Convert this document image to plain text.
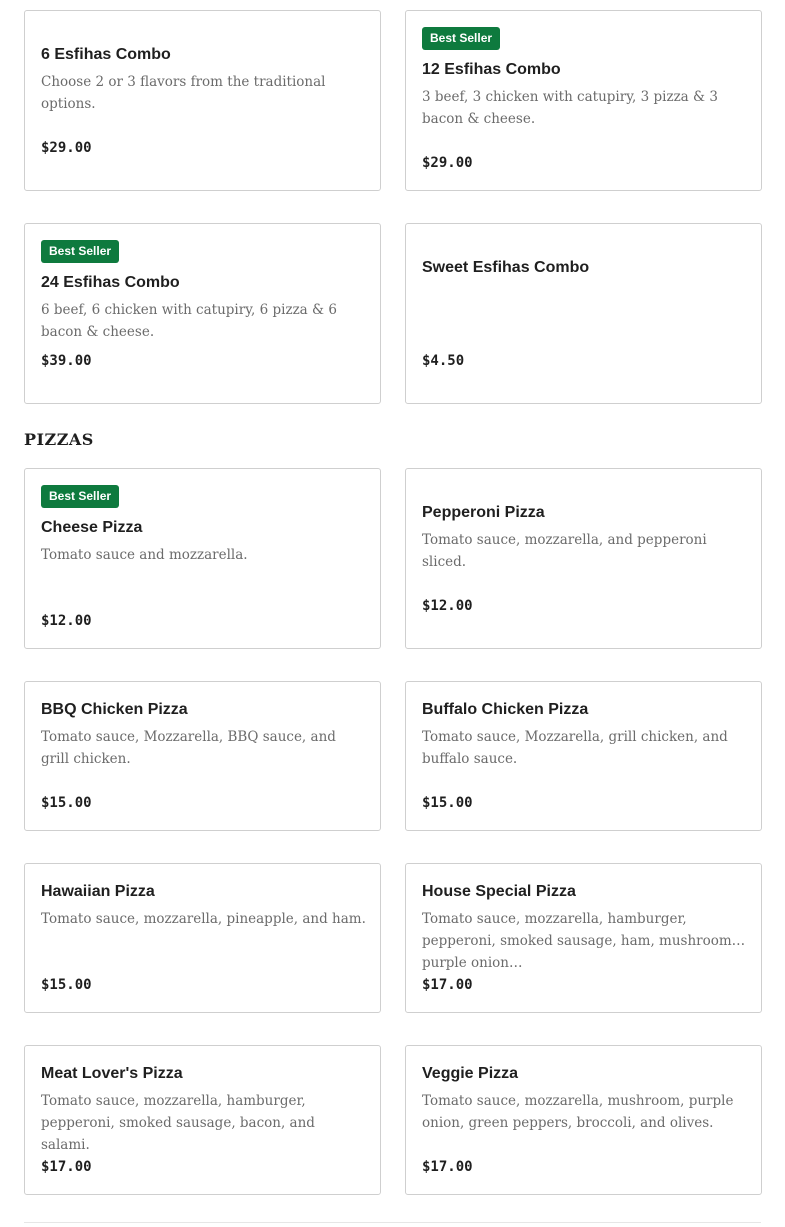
6 Esfihas Combo
Choose 2 or 3 flavors from the traditional options.
$29.00
Best Seller
12 Esfihas Combo
3 beef, 3 chicken with catupiry, 3 pizza & 3 bacon & cheese.
$29.00
Best Seller
24 Esfihas Combo
6 beef, 6 chicken with catupiry, 6 pizza & 6 bacon & cheese.
$39.00
Sweet Esfihas Combo
$4.50
PIZZAS
Best Seller
Cheese Pizza
Tomato sauce and mozzarella.
$12.00
Pepperoni Pizza
Tomato sauce, mozzarella, and pepperoni sliced.
$12.00
BBQ Chicken Pizza
Tomato sauce, Mozzarella, BBQ sauce, and grill chicken.
$15.00
Buffalo Chicken Pizza
Tomato sauce, Mozzarella, grill chicken, and buffalo sauce.
$15.00
Hawaiian Pizza
Tomato sauce, mozzarella, pineapple, and ham.
$15.00
House Special Pizza
Tomato sauce, mozzarella, hamburger, pepperoni, smoked sausage, ham, mushroom, purple onion…
$17.00
Meat Lover's Pizza
Tomato sauce, mozzarella, hamburger, pepperoni, smoked sausage, bacon, and salami.
$17.00
Veggie Pizza
Tomato sauce, mozzarella, mushroom, purple onion, green peppers, broccoli, and olives.
$17.00
